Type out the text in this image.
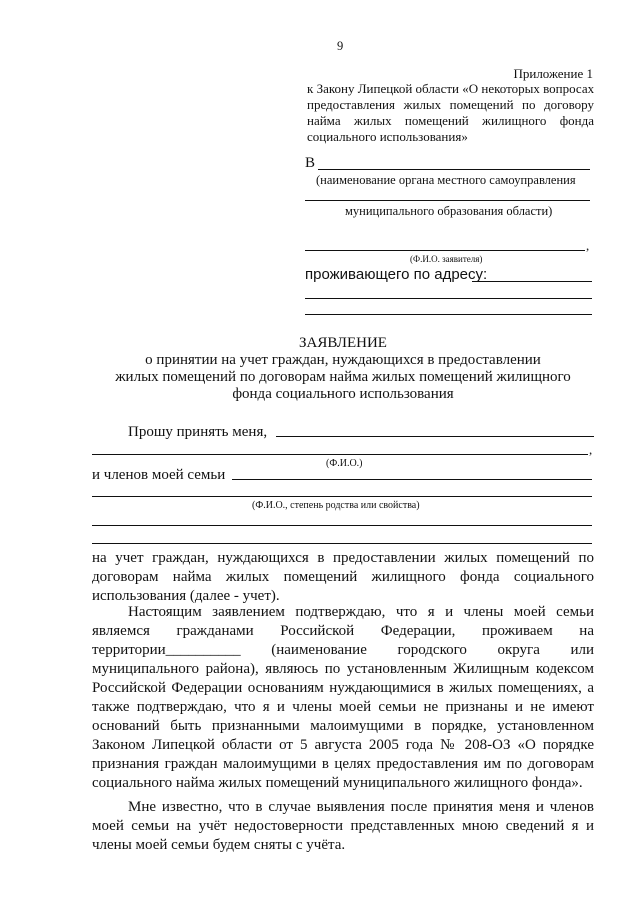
9
Приложение 1
к Закону Липецкой области «О некоторых вопросах
предоставления жилых помещений по договору
найма жилых помещений жилищного фонда
социального использования»
В
(наименование органа местного самоуправления
муниципального образования области)
,
(Ф.И.О. заявителя)
проживающего по адресу:
ЗАЯВЛЕНИЕ
о принятии на учет граждан, нуждающихся в предоставлении
жилых помещений по договорам найма жилых помещений жилищного
фонда социального использования
Прошу принять меня,
,
(Ф.И.О.)
и членов моей семьи
(Ф.И.О., степень родства или свойства)
на учет граждан, нуждающихся в предоставлении жилых помещений по
договорам найма жилых помещений жилищного фонда социального
использования (далее - учет).
Настоящим заявлением подтверждаю, что я и члены моей семьи
являемся гражданами Российской Федерации, проживаем на
территории__________ (наименование городского округа или
муниципального района), являюсь по установленным Жилищным кодексом
Российской Федерации основаниям нуждающимися в жилых помещениях, а
также подтверждаю, что я и члены моей семьи не признаны и не имеют
оснований быть признанными малоимущими в порядке, установленном
Законом Липецкой области от 5 августа 2005 года № 208-ОЗ «О порядке
признания граждан малоимущими в целях предоставления им по договорам
социального найма жилых помещений муниципального жилищного фонда».
Мне известно, что в случае выявления после принятия меня и членов
моей семьи на учёт недостоверности представленных мною сведений я и
члены моей семьи будем сняты с учёта.
